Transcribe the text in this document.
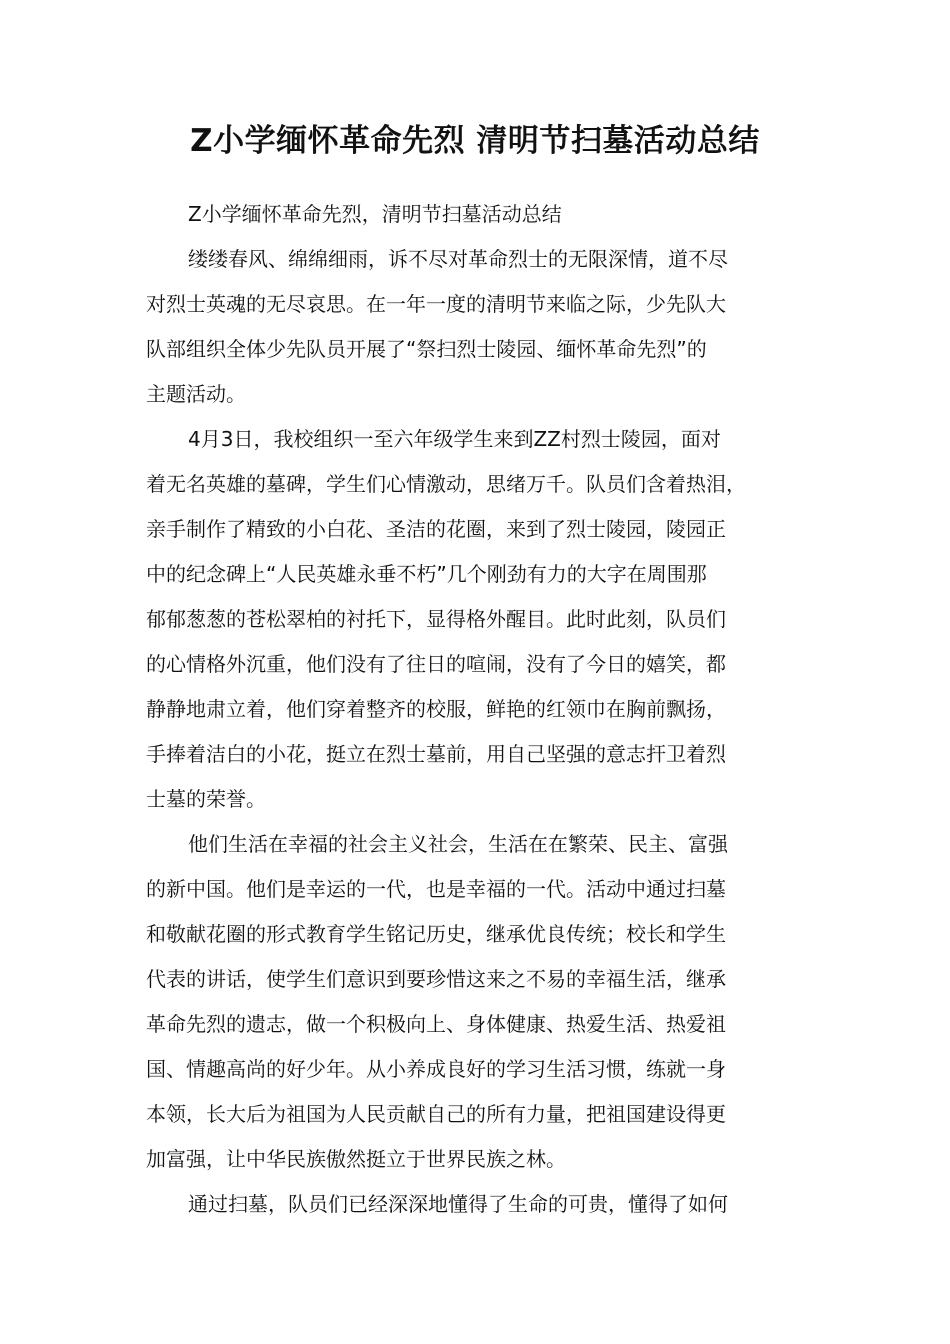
Z小学缅怀革命先烈 清明节扫墓活动总结

Z小学缅怀革命先烈，清明节扫墓活动总结

缕缕春风、绵绵细雨，诉不尽对革命烈士的无限深情，道不尽
对烈士英魂的无尽哀思。在一年一度的清明节来临之际，少先队大
队部组织全体少先队员开展了“祭扫烈士陵园、缅怀革命先烈”的
主题活动。

4月3日，我校组织一至六年级学生来到ZZ村烈士陵园，面对
着无名英雄的墓碑，学生们心情激动，思绪万千。队员们含着热泪，
亲手制作了精致的小白花、圣洁的花圈，来到了烈士陵园，陵园正
中的纪念碑上“人民英雄永垂不朽”几个刚劲有力的大字在周围那
郁郁葱葱的苍松翠柏的衬托下，显得格外醒目。此时此刻，队员们
的心情格外沉重，他们没有了往日的喧闹，没有了今日的嬉笑，都
静静地肃立着，他们穿着整齐的校服，鲜艳的红领巾在胸前飘扬，
手捧着洁白的小花，挺立在烈士墓前，用自己坚强的意志扞卫着烈
士墓的荣誉。

他们生活在幸福的社会主义社会，生活在在繁荣、民主、富强
的新中国。他们是幸运的一代，也是幸福的一代。活动中通过扫墓
和敬献花圈的形式教育学生铭记历史，继承优良传统；校长和学生
代表的讲话，使学生们意识到要珍惜这来之不易的幸福生活，继承
革命先烈的遗志，做一个积极向上、身体健康、热爱生活、热爱祖
国、情趣高尚的好少年。从小养成良好的学习生活习惯，练就一身
本领，长大后为祖国为人民贡献自己的所有力量，把祖国建设得更
加富强，让中华民族傲然挺立于世界民族之林。

通过扫墓，队员们已经深深地懂得了生命的可贵，懂得了如何
